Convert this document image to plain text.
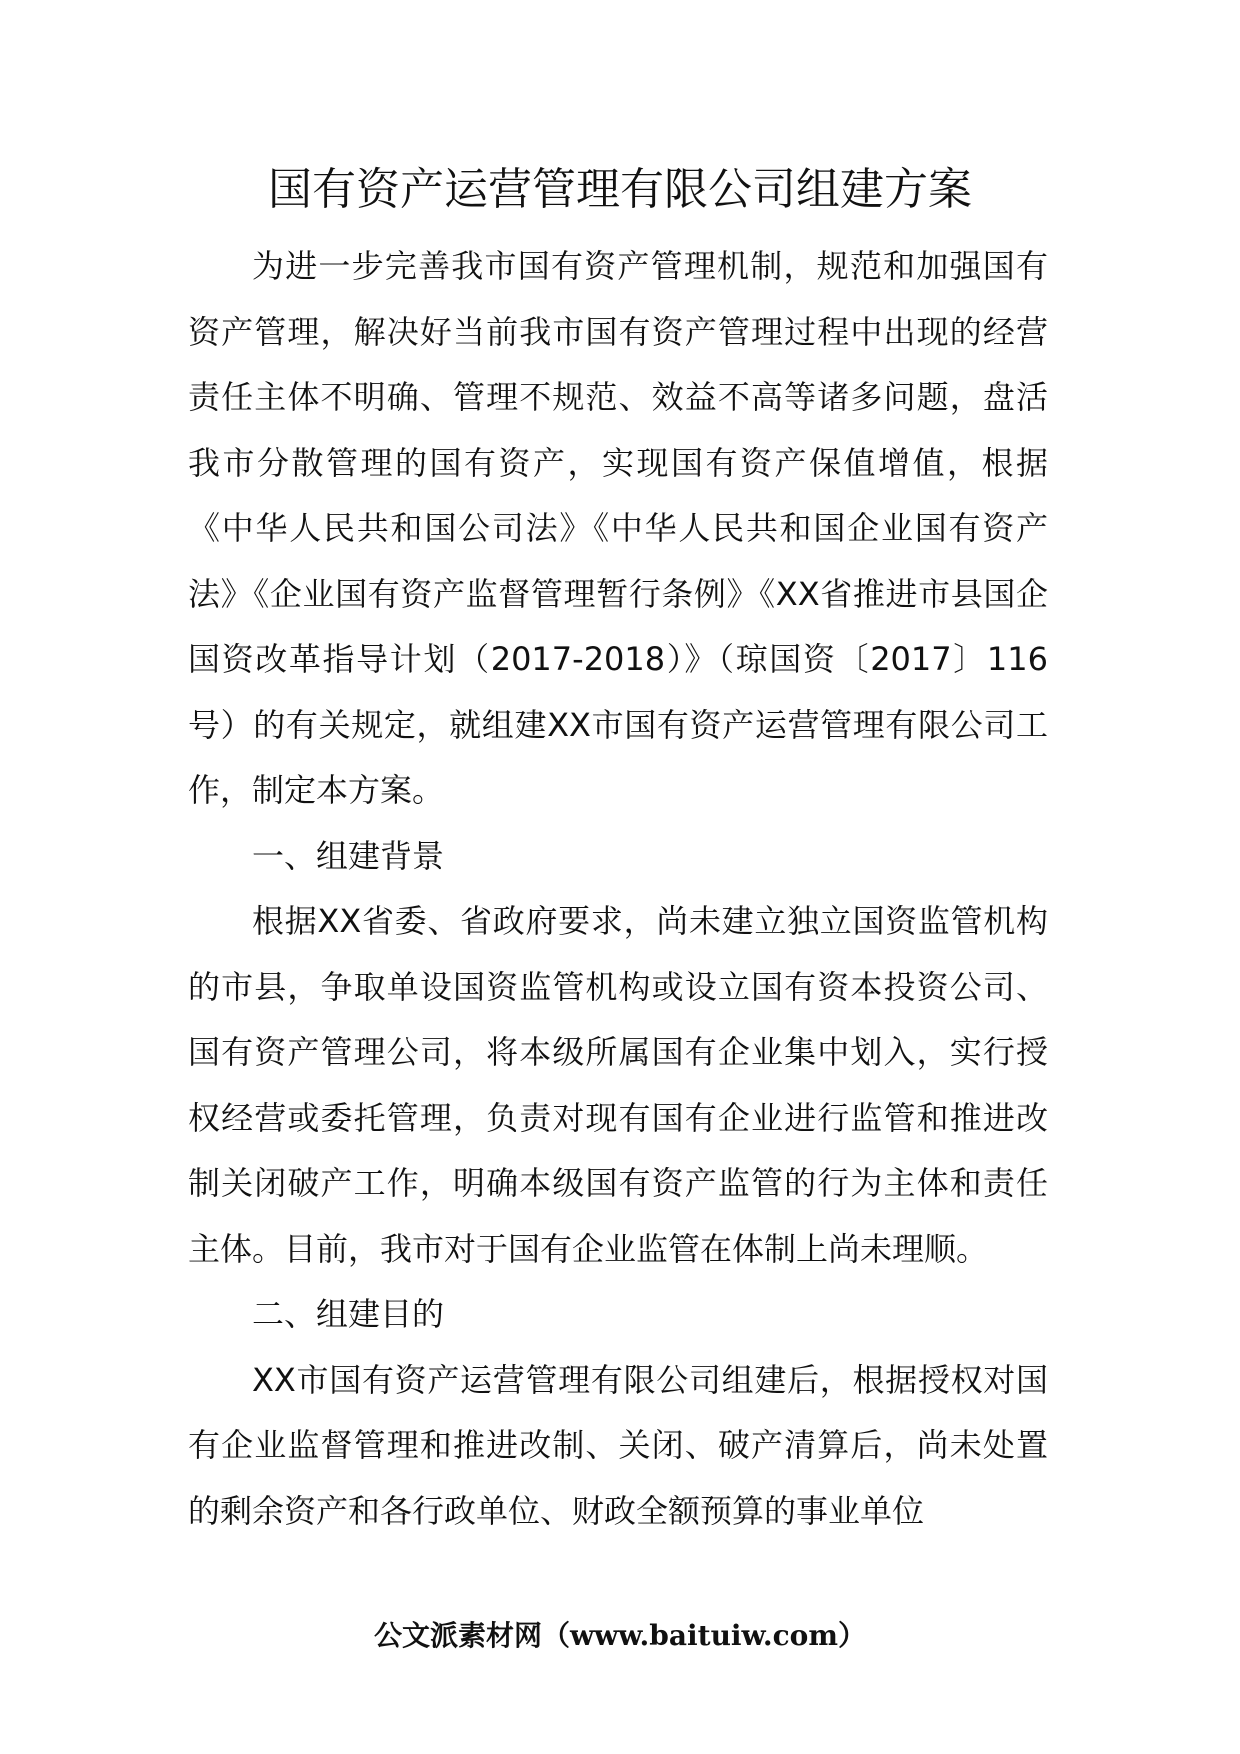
国有资产运营管理有限公司组建方案

为进一步完善我市国有资产管理机制，规范和加强国有资产管理，解决好当前我市国有资产管理过程中出现的经营责任主体不明确、管理不规范、效益不高等诸多问题，盘活我市分散管理的国有资产，实现国有资产保值增值，根据《中华人民共和国公司法》《中华人民共和国企业国有资产法》《企业国有资产监督管理暂行条例》《XX省推进市县国企国资改革指导计划（2017-2018）》（琼国资〔2017〕116号）的有关规定，就组建XX市国有资产运营管理有限公司工作，制定本方案。

一、组建背景

根据XX省委、省政府要求，尚未建立独立国资监管机构的市县，争取单设国资监管机构或设立国有资本投资公司、国有资产管理公司，将本级所属国有企业集中划入，实行授权经营或委托管理，负责对现有国有企业进行监管和推进改制关闭破产工作，明确本级国有资产监管的行为主体和责任主体。目前，我市对于国有企业监管在体制上尚未理顺。

二、组建目的

XX市国有资产运营管理有限公司组建后，根据授权对国有企业监督管理和推进改制、关闭、破产清算后，尚未处置的剩余资产和各行政单位、财政全额预算的事业单位

公文派素材网（www.baituiw.com）
